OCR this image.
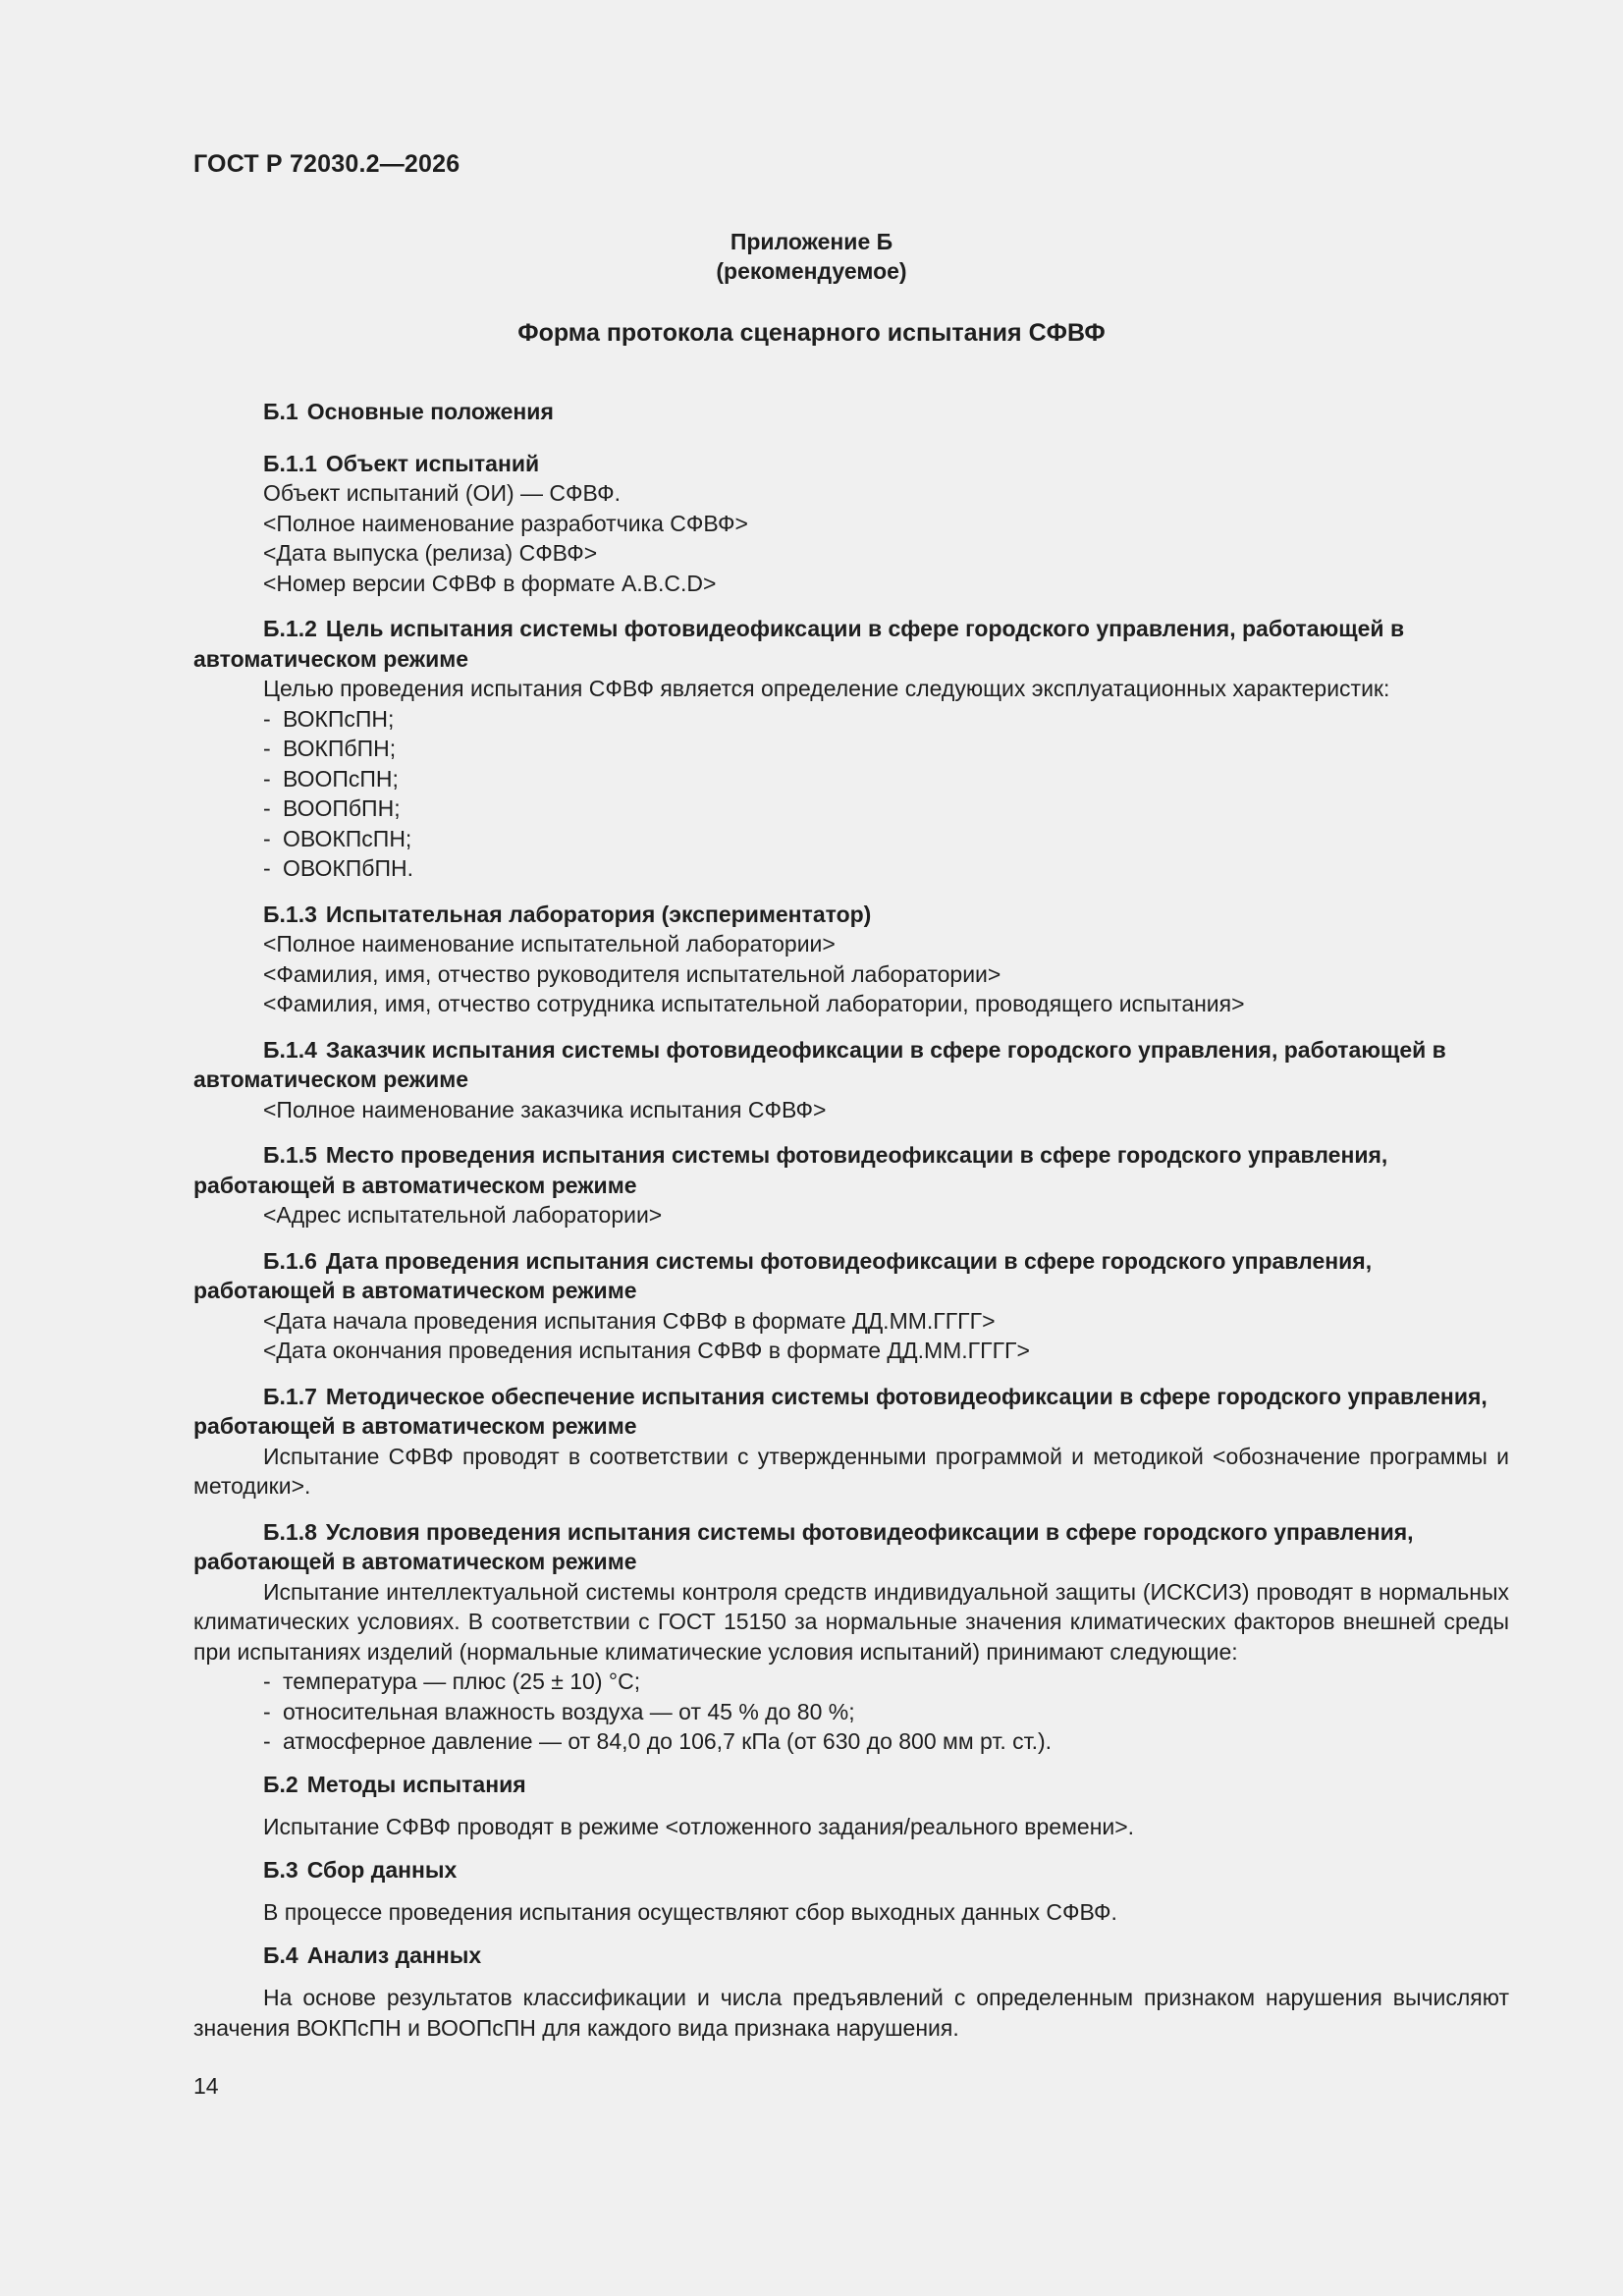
ГОСТ Р 72030.2—2026
Приложение Б
(рекомендуемое)
Форма протокола сценарного испытания СФВФ

Б.1 Основные положения

Б.1.1 Объект испытаний

Объект испытаний (ОИ) — СФВФ.

<Полное наименование разработчика СФВФ>

<Дата выпуска (релиза) СФВФ>

<Номер версии СФВФ в формате A.B.C.D>

Б.1.2 Цель испытания системы фотовидеофиксации в сфере городского управления, работающей в автоматическом режиме

Целью проведения испытания СФВФ является определение следующих эксплуатационных характеристик:

- ВОКПсПН;

- ВОКПбПН;

- ВООПсПН;

- ВООПбПН;

- ОВОКПсПН;

- ОВОКПбПН.

Б.1.3 Испытательная лаборатория (экспериментатор)

<Полное наименование испытательной лаборатории>

<Фамилия, имя, отчество руководителя испытательной лаборатории>

<Фамилия, имя, отчество сотрудника испытательной лаборатории, проводящего испытания>

Б.1.4 Заказчик испытания системы фотовидеофиксации в сфере городского управления, работающей в автоматическом режиме

<Полное наименование заказчика испытания СФВФ>

Б.1.5 Место проведения испытания системы фотовидеофиксации в сфере городского управления, работающей в автоматическом режиме

<Адрес испытательной лаборатории>

Б.1.6 Дата проведения испытания системы фотовидеофиксации в сфере городского управления, работающей в автоматическом режиме

<Дата начала проведения испытания СФВФ в формате ДД.ММ.ГГГГ>

<Дата окончания проведения испытания СФВФ в формате ДД.ММ.ГГГГ>

Б.1.7 Методическое обеспечение испытания системы фотовидеофиксации в сфере городского управления, работающей в автоматическом режиме

Испытание СФВФ проводят в соответствии с утвержденными программой и методикой <обозначение программы и методики>.

Б.1.8 Условия проведения испытания системы фотовидеофиксации в сфере городского управления, работающей в автоматическом режиме

Испытание интеллектуальной системы контроля средств индивидуальной защиты (ИСКСИЗ) проводят в нормальных климатических условиях. В соответствии с ГОСТ 15150 за нормальные значения климатических факторов внешней среды при испытаниях изделий (нормальные климатические условия испытаний) принимают следующие:

- температура — плюс (25 ± 10) °С;

- относительная влажность воздуха — от 45 % до 80 %;

- атмосферное давление — от 84,0 до 106,7 кПа (от 630 до 800 мм рт. ст.).

Б.2 Методы испытания

Испытание СФВФ проводят в режиме <отложенного задания/реального времени>.

Б.3 Сбор данных

В процессе проведения испытания осуществляют сбор выходных данных СФВФ.

Б.4 Анализ данных

На основе результатов классификации и числа предъявлений с определенным признаком нарушения вычисляют значения ВОКПсПН и ВООПсПН для каждого вида признака нарушения.

14
